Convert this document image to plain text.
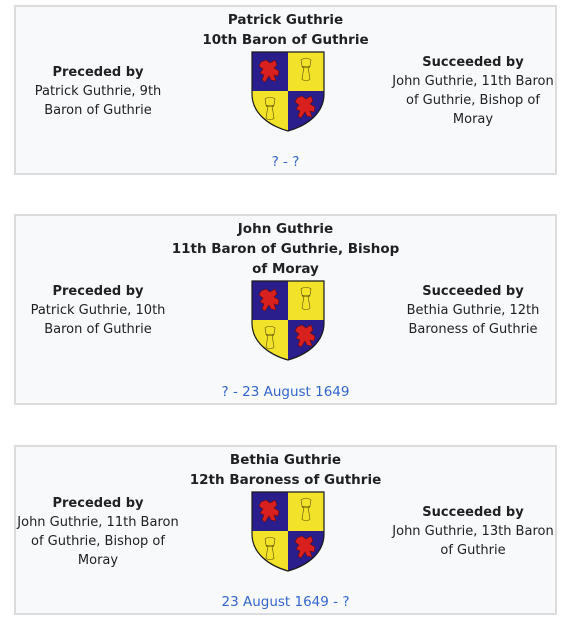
Patrick Guthrie
10th Baron of Guthrie
Preceded by
Patrick Guthrie, 9th Baron of Guthrie
Succeeded by
John Guthrie, 11th Baron of Guthrie, Bishop of Moray
? - ?
John Guthrie
11th Baron of Guthrie, Bishop of Moray
Preceded by
Patrick Guthrie, 10th Baron of Guthrie
Succeeded by
Bethia Guthrie, 12th Baroness of Guthrie
? - 23 August 1649
Bethia Guthrie
12th Baroness of Guthrie
Preceded by
John Guthrie, 11th Baron of Guthrie, Bishop of Moray
Succeeded by
John Guthrie, 13th Baron of Guthrie
23 August 1649 - ?
